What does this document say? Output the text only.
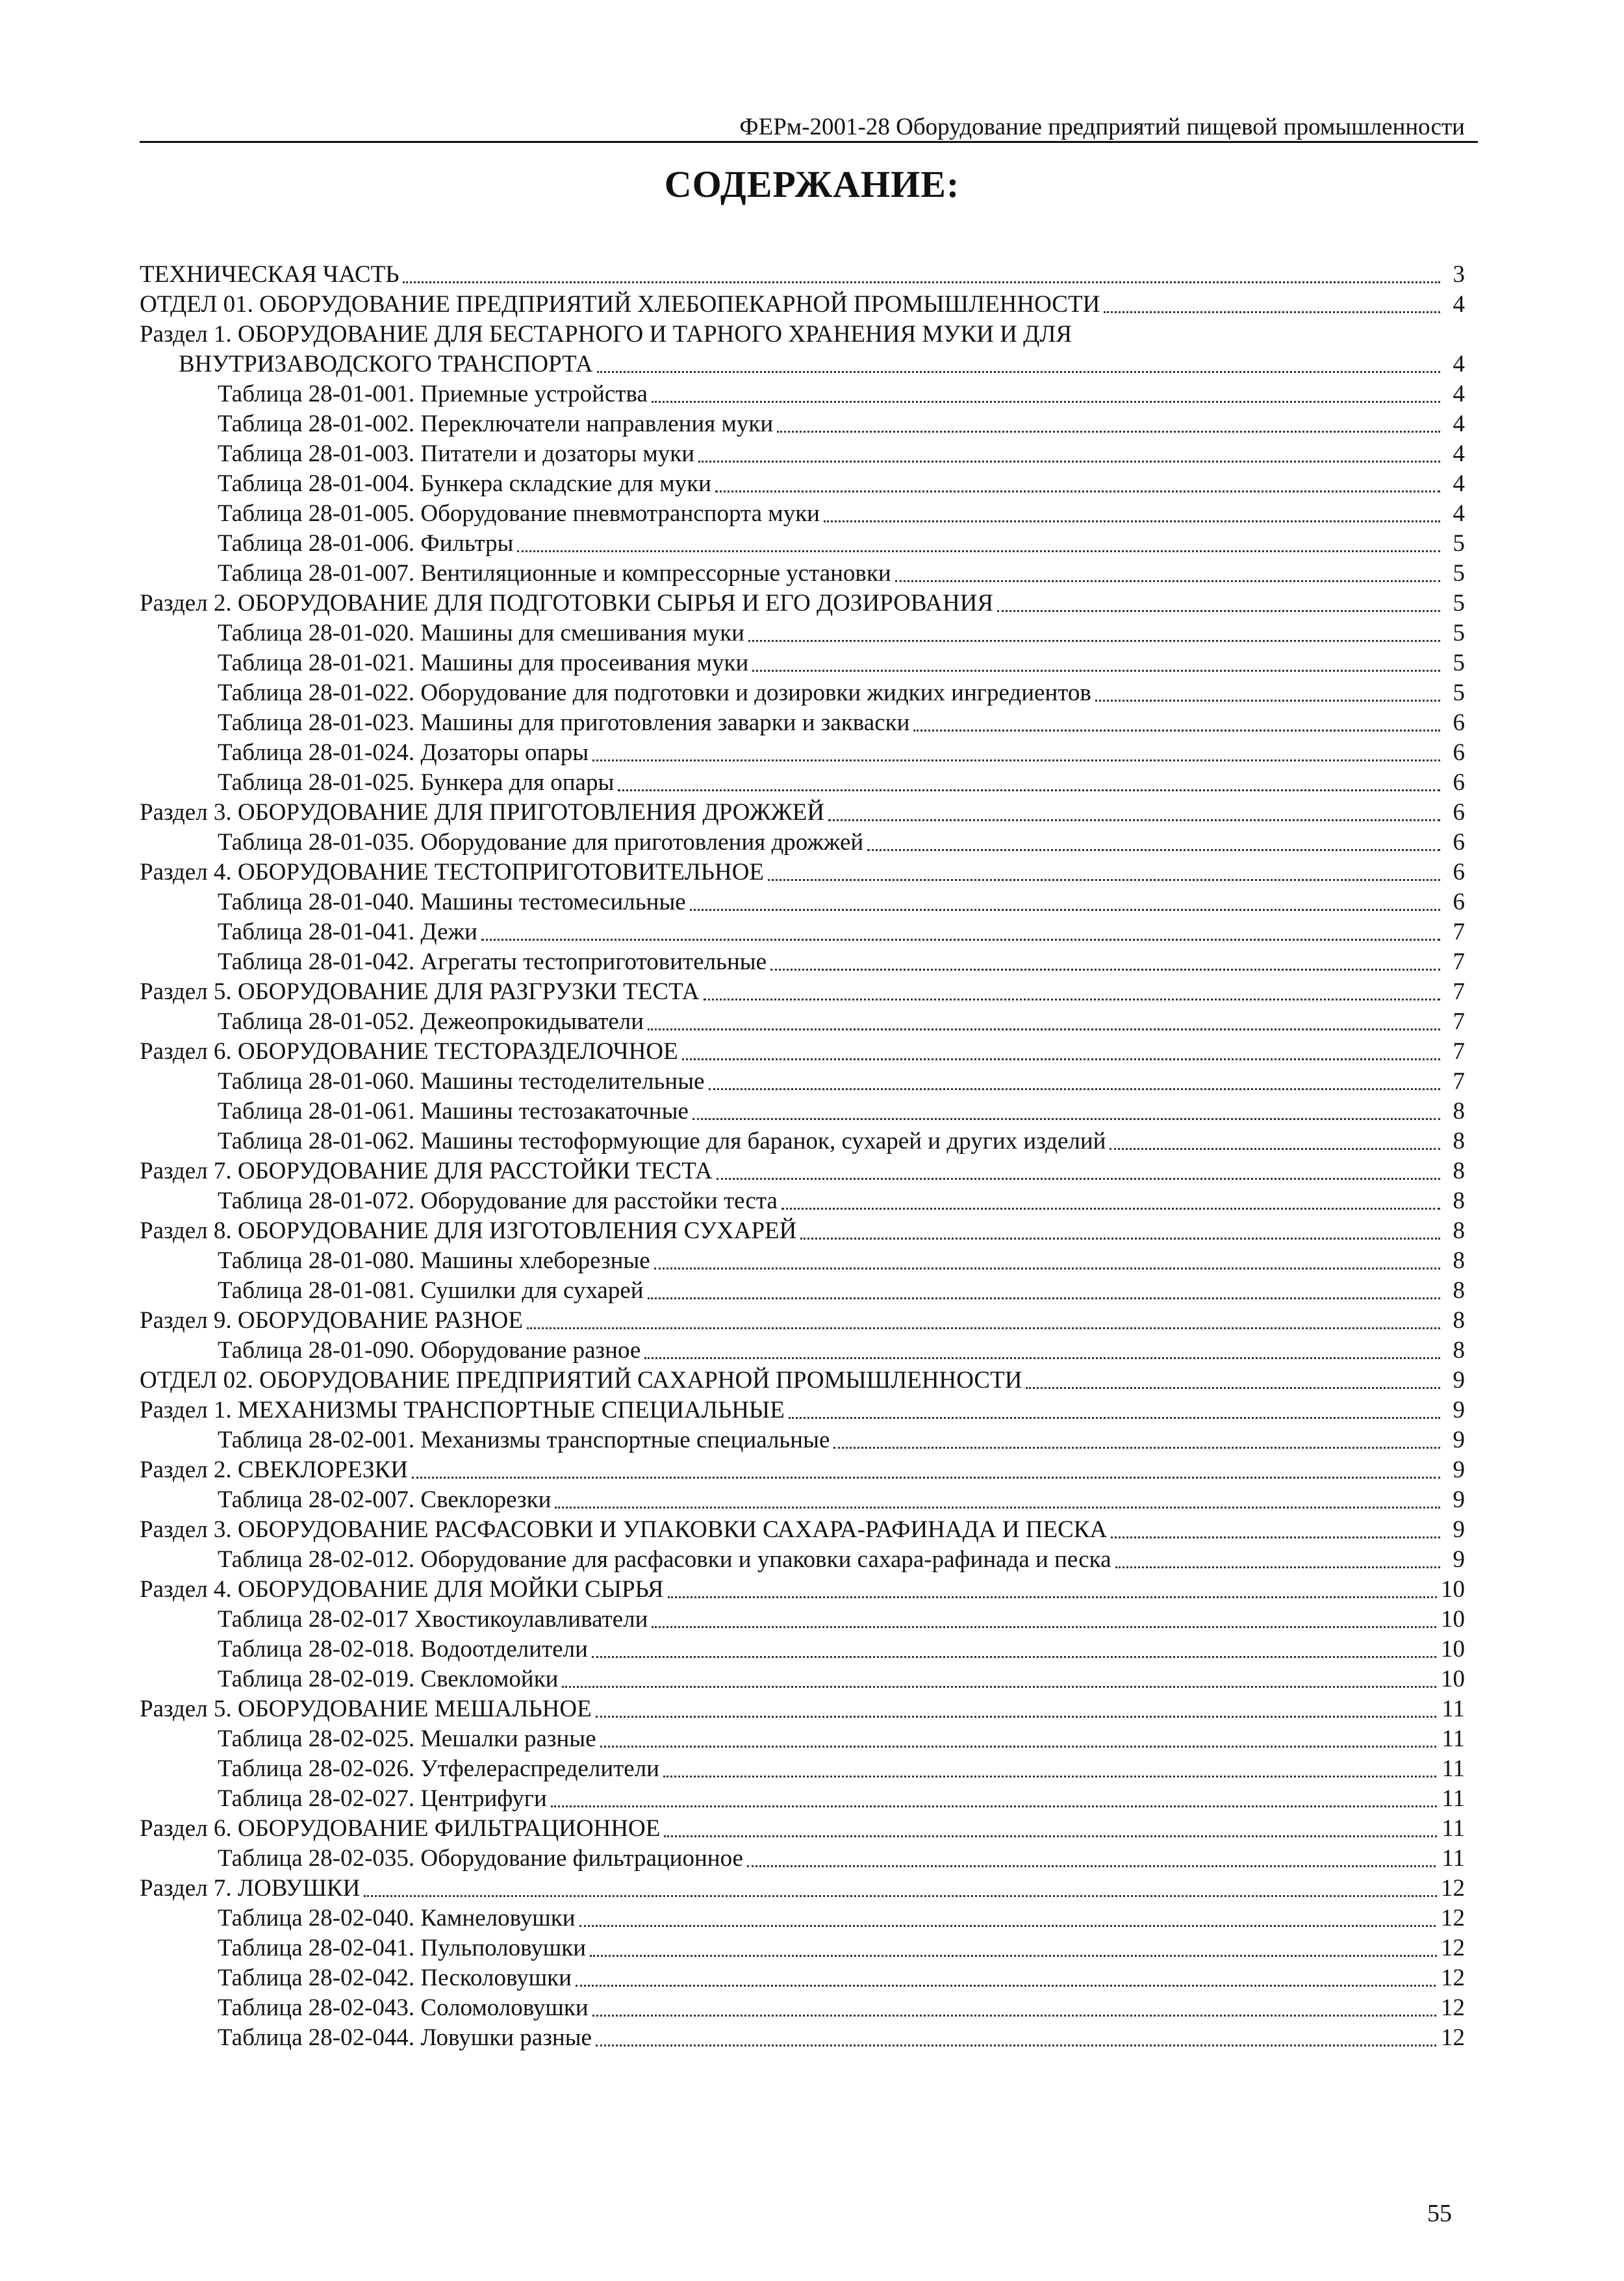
ФЕРм-2001-28 Оборудование предприятий пищевой промышленности
СОДЕРЖАНИЕ:
ТЕХНИЧЕСКАЯ ЧАСТЬ	3
ОТДЕЛ 01. ОБОРУДОВАНИЕ ПРЕДПРИЯТИЙ ХЛЕБОПЕКАРНОЙ ПРОМЫШЛЕННОСТИ	4
Раздел 1. ОБОРУДОВАНИЕ ДЛЯ БЕСТАРНОГО И ТАРНОГО ХРАНЕНИЯ МУКИ И ДЛЯ
ВНУТРИЗАВОДСКОГО ТРАНСПОРТА	4
Таблица 28-01-001. Приемные устройства	4
Таблица 28-01-002. Переключатели направления муки	4
Таблица 28-01-003. Питатели и дозаторы муки	4
Таблица 28-01-004. Бункера складские для муки	4
Таблица 28-01-005. Оборудование пневмотранспорта муки	4
Таблица 28-01-006. Фильтры	5
Таблица 28-01-007. Вентиляционные и компрессорные установки	5
Раздел 2. ОБОРУДОВАНИЕ ДЛЯ ПОДГОТОВКИ СЫРЬЯ И ЕГО ДОЗИРОВАНИЯ	5
Таблица 28-01-020. Машины для смешивания муки	5
Таблица 28-01-021. Машины для просеивания муки	5
Таблица 28-01-022. Оборудование для подготовки и дозировки жидких ингредиентов	5
Таблица 28-01-023. Машины для приготовления заварки и закваски	6
Таблица 28-01-024. Дозаторы опары	6
Таблица 28-01-025. Бункера для опары	6
Раздел 3. ОБОРУДОВАНИЕ ДЛЯ ПРИГОТОВЛЕНИЯ ДРОЖЖЕЙ	6
Таблица 28-01-035. Оборудование для приготовления дрожжей	6
Раздел 4. ОБОРУДОВАНИЕ ТЕСТОПРИГОТОВИТЕЛЬНОЕ	6
Таблица 28-01-040. Машины тестомесильные	6
Таблица 28-01-041. Дежи	7
Таблица 28-01-042. Агрегаты тестоприготовительные	7
Раздел 5. ОБОРУДОВАНИЕ ДЛЯ РАЗГРУЗКИ ТЕСТА	7
Таблица 28-01-052. Дежеопрокидыватели	7
Раздел 6. ОБОРУДОВАНИЕ ТЕСТОРАЗДЕЛОЧНОЕ	7
Таблица 28-01-060. Машины тестоделительные	7
Таблица 28-01-061. Машины тестозакаточные	8
Таблица 28-01-062. Машины тестоформующие для баранок, сухарей и других изделий	8
Раздел 7. ОБОРУДОВАНИЕ ДЛЯ РАССТОЙКИ ТЕСТА	8
Таблица 28-01-072. Оборудование для расстойки теста	8
Раздел 8. ОБОРУДОВАНИЕ ДЛЯ ИЗГОТОВЛЕНИЯ СУХАРЕЙ	8
Таблица 28-01-080. Машины хлеборезные	8
Таблица 28-01-081. Сушилки для сухарей	8
Раздел 9. ОБОРУДОВАНИЕ РАЗНОЕ	8
Таблица 28-01-090. Оборудование разное	8
ОТДЕЛ 02. ОБОРУДОВАНИЕ ПРЕДПРИЯТИЙ САХАРНОЙ ПРОМЫШЛЕННОСТИ	9
Раздел 1. МЕХАНИЗМЫ ТРАНСПОРТНЫЕ СПЕЦИАЛЬНЫЕ	9
Таблица 28-02-001. Механизмы транспортные специальные	9
Раздел 2. СВЕКЛОРЕЗКИ	9
Таблица 28-02-007. Свеклорезки	9
Раздел 3. ОБОРУДОВАНИЕ РАСФАСОВКИ И УПАКОВКИ САХАРА-РАФИНАДА И ПЕСКА	9
Таблица 28-02-012. Оборудование для расфасовки и упаковки сахара-рафинада и песка	9
Раздел 4. ОБОРУДОВАНИЕ ДЛЯ МОЙКИ СЫРЬЯ	10
Таблица 28-02-017 Хвостикоулавливатели	10
Таблица 28-02-018. Водоотделители	10
Таблица 28-02-019. Свекломойки	10
Раздел 5. ОБОРУДОВАНИЕ МЕШАЛЬНОЕ	11
Таблица 28-02-025. Мешалки разные	11
Таблица 28-02-026. Утфелераспределители	11
Таблица 28-02-027. Центрифуги	11
Раздел 6. ОБОРУДОВАНИЕ ФИЛЬТРАЦИОННОЕ	11
Таблица 28-02-035. Оборудование фильтрационное	11
Раздел 7. ЛОВУШКИ	12
Таблица 28-02-040. Камнеловушки	12
Таблица 28-02-041. Пульполовушки	12
Таблица 28-02-042. Песколовушки	12
Таблица 28-02-043. Соломоловушки	12
Таблица 28-02-044. Ловушки разные	12
55
